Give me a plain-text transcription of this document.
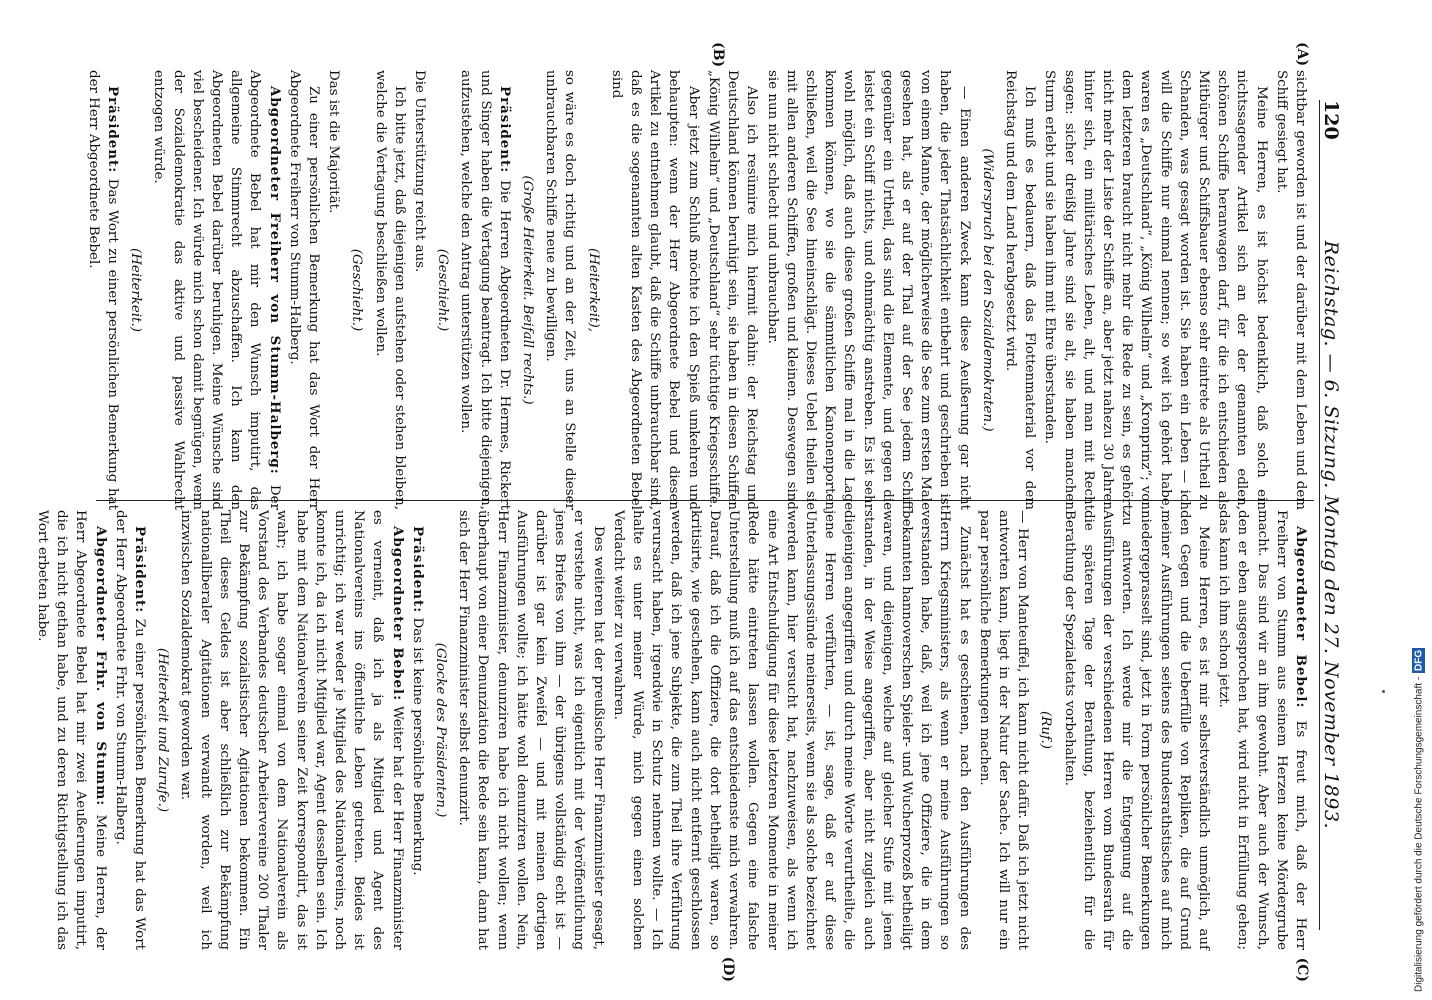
120
Reichstag. — 6. Sitzung. Montag den 27. November 1893.
(A)
(B)
(C)
(D)

sichtbar geworden ist und der darüber mit dem Leben und dem Schiff gesiegt hat.

Meine Herren, es ist höchst bedenklich, daß solch ein nichtssagender Artikel sich an der der genannten edlen, schönen Schiffe heranwagen darf, für die ich entschieden als Mitbürger und Schiffsbauer ebenso sehr eintrete als Urtheil zu Schanden, was gesagt worden ist. Sie haben ein Leben — ich will die Schiffe nur einmal nennen; so weit ich gehört habe, waren es „Deutschland“, „König Wilhelm“ und „Kronprinz“; von dem letzteren braucht nicht mehr die Rede zu sein, es gehört nicht mehr der Liste der Schiffe an, aber jetzt nahezu 30 Jahren hinter sich, ein militärisches Leben, alt, und man mit Recht sagen: sicher dreißig Jahre sind sie alt, sie haben manchen Sturm erlebt und sie haben ihm mit Ehre überstanden.

Ich muß es bedauern, daß das Flottenmaterial vor dem Reichstag und dem Land herabgesetzt wird.

(Widerspruch bei den Sozialdemokraten.)

— Einen anderen Zweck kann diese Aeußerung gar nicht haben, die jeder Thatsächlichkeit entbehrt und geschrieben ist von einem Manne, der möglicherweise die See zum ersten Male gesehen hat, als er auf der Thal auf der See jedem Schiff gegenüber ein Urtheil, das sind die Elemente, und gegen die leistet ein Schiff nichts, und ohnmächtig anstreben. Es ist sehr wohl möglich, daß auch diese großen Schiffe mal in die Lage kommen können, wo sie die sämmtlichen Kanonenporten schließen, weil die See hineinschlägt. Dieses Uebel theilen sie mit allen anderen Schiffen, großen und kleinen. Deswegen sind sie nun nicht schlecht und unbrauchbar.

Also ich resümire mich hiermit dahin: der Reichstag und Deutschland können beruhigt sein, sie haben in diesen Schiffen „König Wilhelm“ und „Deutschland“ sehr tüchtige Kriegsschiffe.

Aber jetzt zum Schluß möchte ich den Spieß umkehren und behaupten: wenn der Herr Abgeordnete Bebel und diesen Artikel zu entnehmen glaubt, daß die Schiffe unbrauchbar sind, daß es die sogenannten alten Kasten des Abgeordneten Bebel sind

(Heiterkeit),

so wäre es doch richtig und an der Zeit, uns an Stelle dieser unbrauchbaren Schiffe neue zu bewilligen.

(Große Heiterkeit. Beifall rechts.)

Präsident: Die Herren Abgeordneten Dr. Hermes, Rickert und Singer haben die Vertagung beantragt. Ich bitte diejenigen, aufzustehen, welche den Antrag unterstützen wollen.

(Geschieht.)

Die Unterstützung reicht aus.

Ich bitte jetzt, daß diejenigen aufstehen oder stehen bleiben, welche die Vertagung beschließen wollen.

(Geschieht.)

Das ist die Majorität.

Zu einer persönlichen Bemerkung hat das Wort der Herr Abgeordnete Freiherr von Stumm-Halberg.

Abgeordneter Freiherr von Stumm-Halberg: Der Abgeordnete Bebel hat mir den Wunsch imputirt, das allgemeine Stimmrecht abzuschaffen. Ich kann den Abgeordneten Bebel darüber beruhigen. Meine Wünsche sind viel bescheidener. Ich würde mich schon damit begnügen, wenn der Sozialdemokratie das aktive und passive Wahlrecht entzogen würde.

(Heiterkeit.)

Präsident: Das Wort zu einer persönlichen Bemerkung hat der Herr Abgeordnete Bebel.

Abgeordneter Bebel: Es freut mich, daß der Herr Freiherr von Stumm aus seinem Herzen keine Mördergrube macht. Das sind wir an ihm gewohnt. Aber auch der Wunsch, den er eben ausgesprochen hat, wird nicht in Erfüllung gehen; das kann ich ihm schon jetzt.

Meine Herren, es ist mir selbstverständlich unmöglich, auf den Gegen und die Ueberfülle von Repliken, die auf Grund meiner Ausführungen seitens des Bundesrathstisches auf mich niedergeprasselt sind, jetzt in Form persönlicher Bemerkungen zu antworten. Ich werde mir die Entgegnung auf die Ausführungen der verschiedenen Herren vom Bundesrath für die späteren Tage der Berathung, beziehentlich für die Berathung der Spezialetats vorbehalten.

(Ruf.)

— Herr von Manteuffel, ich kann nicht dafür. Daß ich jetzt nicht antworten kann, liegt in der Natur der Sache. Ich will nur ein paar persönliche Bemerkungen machen.

Zunächst hat es geschienen, nach den Ausführungen des Herrn Kriegsministers, als wenn er meine Ausführungen so verstanden habe, daß, weil ich jene Offiziere, die in dem bekannten hannoverschen Spieler- und Wucherprozeß betheiligt waren, und diejenigen, welche auf gleicher Stufe mit jenen standen, in der Weise angegriffen, aber nicht zugleich auch diejenigen angegriffen und durch meine Worte verurtheilte, die jene Herren verführten, — ist, sage, daß er auf diese Unterlassungssünde meinerseits, wenn sie als solche bezeichnet werden kann, hier versucht hat, nachzuweisen, als wenn ich eine Art Entschuldigung für diese letzteren Momente in meiner Rede hätte eintreten lassen wollen. Gegen eine falsche Unterstellung muß ich auf das entschiedenste mich verwahren. Darauf, daß ich die Offiziere, die dort betheiligt waren, so kritisirte, wie geschehen, kann auch nicht entfernt geschlossen werden, daß ich jene Subjekte, die zum Theil ihre Verführung verursacht haben, irgendwie in Schutz nehmen wollte. — Ich halte es unter meiner Würde, mich gegen einen solchen Verdacht weiter zu verwahren.

Des weiteren hat der preußische Herr Finanzminister gesagt, er verstehe nicht, was ich eigentlich mit der Veröffentlichung jenes Briefes von ihm — der übrigens vollständig echt ist — darüber ist gar kein Zweifel — und mit meinen dortigen Ausführungen wollte; ich hätte wohl denunziren wollen. Nein, Herr Finanzminister, denunziren habe ich nicht wollen; wenn überhaupt von einer Denunziation die Rede sein kann, dann hat sich der Herr Finanzminister selbst denunzirt.

(Glocke des Präsidenten.)

Präsident: Das ist keine persönliche Bemerkung.

Abgeordneter Bebel: Weiter hat der Herr Finanzminister es verneint, daß ich ja als Mitglied und Agent des Nationalvereins ins öffentliche Leben getreten. Beides ist unrichtig; ich war weder je Mitglied des Nationalvereins, noch konnte ich, da ich nicht Mitglied war, Agent desselben sein. Ich habe mit dem Nationalverein seiner Zeit korrespondirt, das ist wahr; ich habe sogar einmal von dem Nationalverein als Vorstand des Verbandes deutscher Arbeitervereine 200 Thaler zur Bekämpfung sozialistischer Agitationen bekommen. Ein Theil dieses Geldes ist aber schließlich zur Bekämpfung nationalliberaler Agitationen verwandt worden, weil ich inzwischen Sozialdemokrat geworden war.

(Heiterkeit und Zurufe.)

Präsident: Zu einer persönlichen Bemerkung hat das Wort der Herr Abgeordnete Frhr. von Stumm-Halberg.

Abgeordneter Frhr. von Stumm: Meine Herren, der Herr Abgeordnete Bebel hat mir zwei Aeußerungen imputirt, die ich nicht gethan habe, und zu deren Richtigstellung ich das Wort erbeten habe.

Digitalisierung gefördert durch die Deutsche Forschungsgemeinschaft -
DFG
